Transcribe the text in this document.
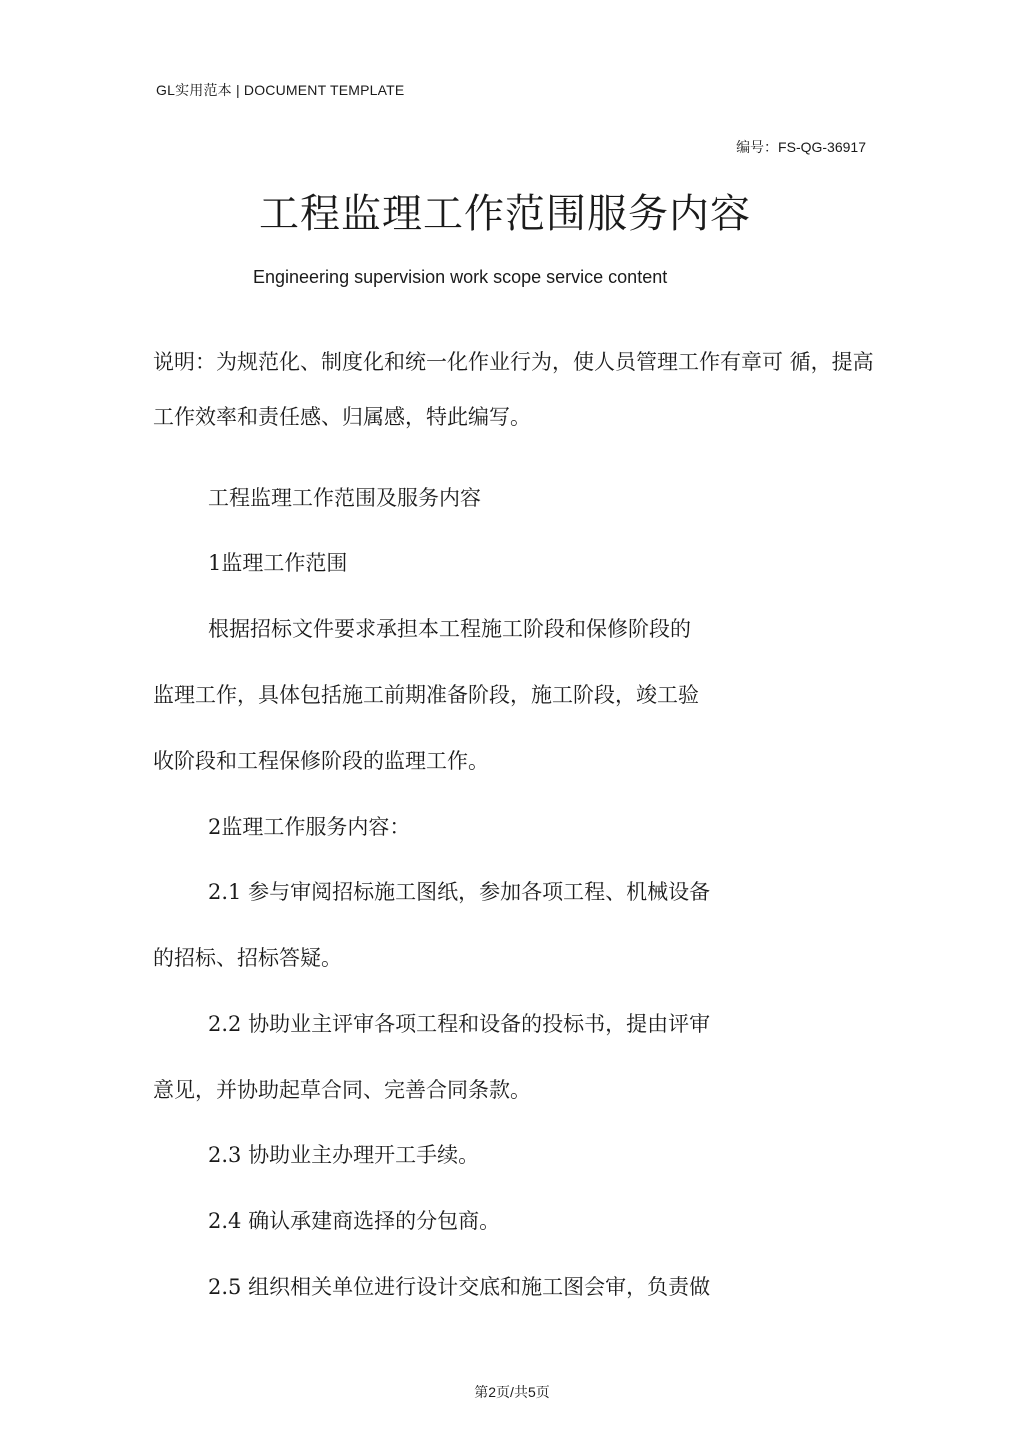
GL实用范本 | DOCUMENT TEMPLATE
编号：FS-QG-36917
工程监理工作范围服务内容
Engineering supervision work scope service content
说明：为规范化、制度化和统一化作业行为，使人员管理工作有章可 循，提高
工作效率和责任感、归属感，特此编写。
工程监理工作范围及服务内容
1监理工作范围
根据招标文件要求承担本工程施工阶段和保修阶段的
监理工作，具体包括施工前期准备阶段，施工阶段，竣工验
收阶段和工程保修阶段的监理工作。
2监理工作服务内容：
2.1 参与审阅招标施工图纸，参加各项工程、机械设备
的招标、招标答疑。
2.2 协助业主评审各项工程和设备的投标书，提由评审
意见，并协助起草合同、完善合同条款。
2.3 协助业主办理开工手续。
2.4 确认承建商选择的分包商。
2.5 组织相关单位进行设计交底和施工图会审，负责做
第2页/共5页
